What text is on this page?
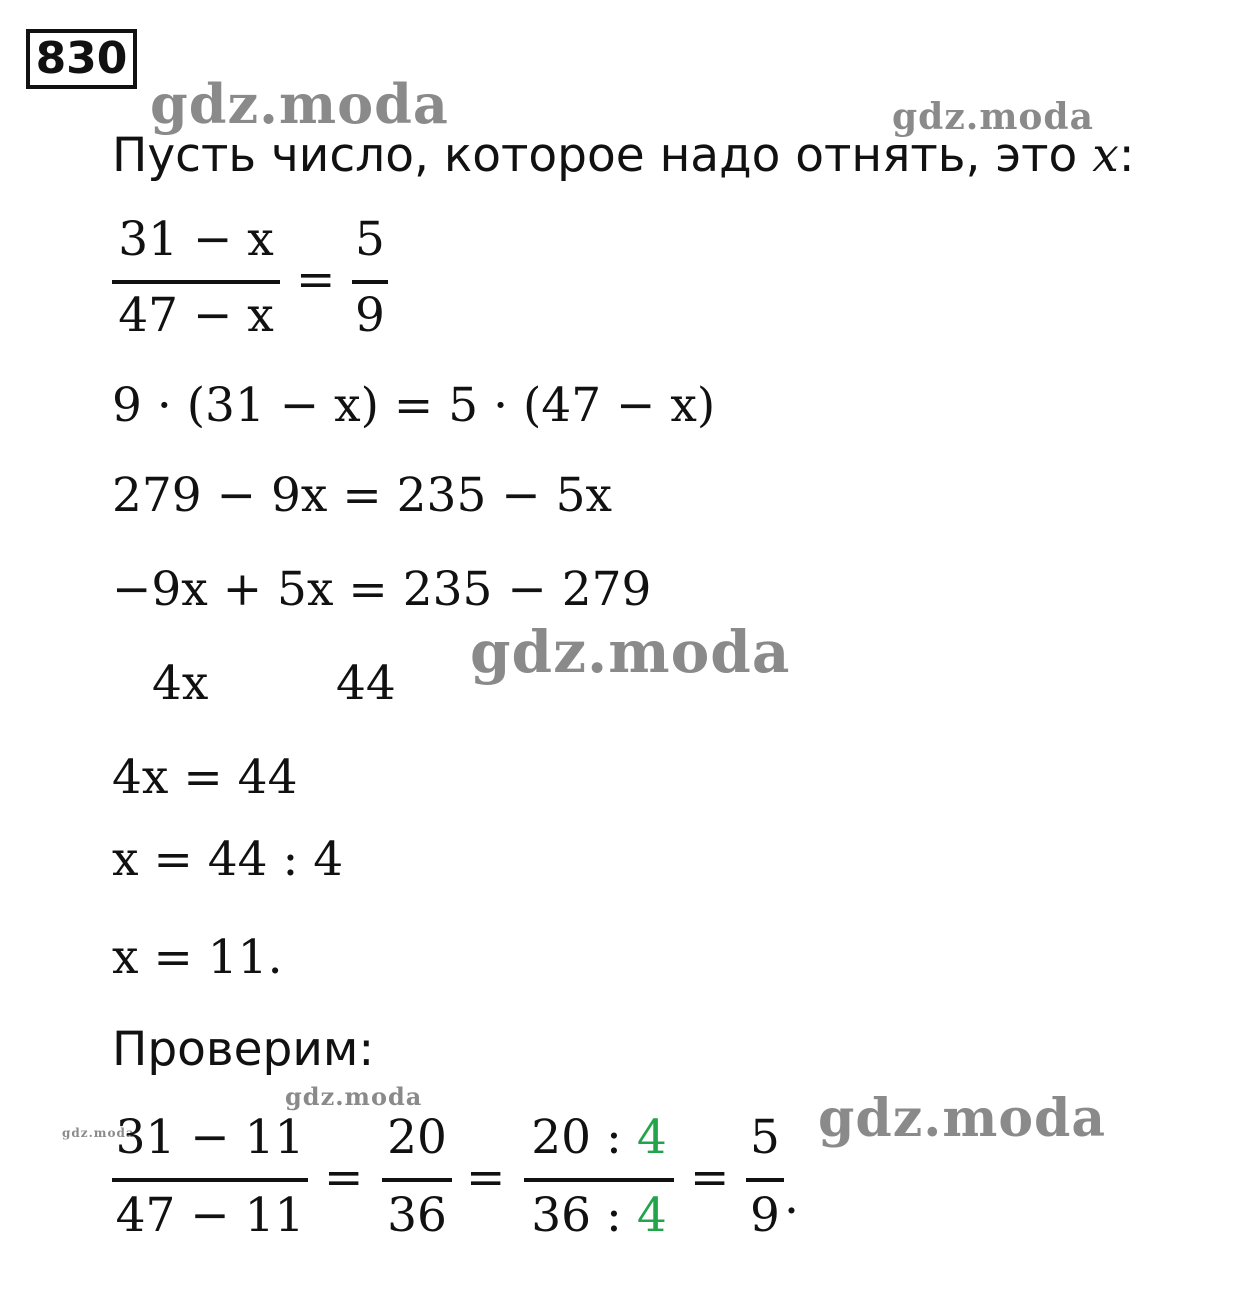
830
gdz.moda	gdz.moda
gdz.moda
gdz.moda
gdz.moda	gdz.moda
Пусть число, которое надо отнять, это x:
31 − x
47 − x
=
5
9
9 · (31 − x) = 5 · (47 − x)
279 − 9x = 235 − 5x
−9x + 5x = 235 − 279
4x	44
4x = 44
x = 44 : 4
x = 11.
Проверим:
31 − 11
47 − 11
=
20
36
=
20 : 4
36 : 4
=
5
9 .
